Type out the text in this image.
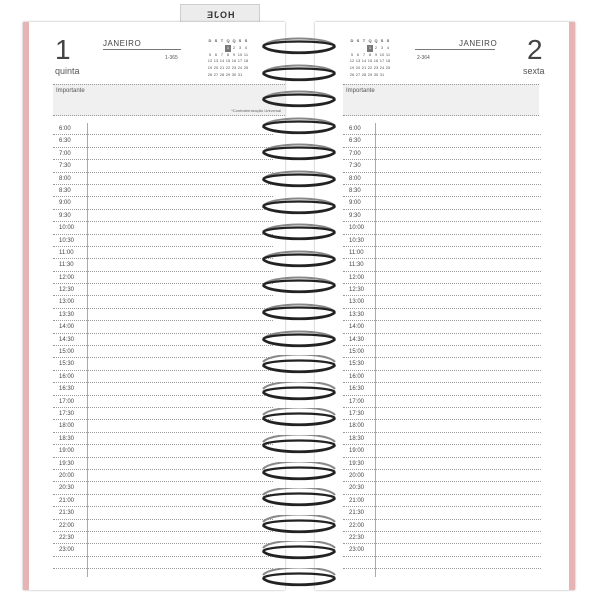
HOJE
1
quinta
JANEIRO
1-365
D S T Q Q S S
1 2 3 4
5 6 7 8 9 10 11
12 13 14 15 16 17 18
19 20 21 22 23 24 25
26 27 28 29 30 31
Importante
*Confraternização Universal
6:00
6:30
7:00
7:30
8:00
8:30
9:00
9:30
10:00
10:30
11:00
11:30
12:00
12:30
13:00
13:30
14:00
14:30
15:00
15:30
16:00
16:30
17:00
17:30
18:00
18:30
19:00
19:30
20:00
20:30
21:00
21:30
22:00
22:30
23:00
D S T Q Q S S
1 2 3 4
5 6 7 8 9 10 11
12 13 14 15 16 17 18
19 20 21 22 23 24 25
26 27 28 29 30 31
JANEIRO
2-364	2
sexta
Importante
6:00
6:30
7:00
7:30
8:00
8:30
9:00
9:30
10:00
10:30
11:00
11:30
12:00
12:30
13:00
13:30
14:00
14:30
15:00
15:30
16:00
16:30
17:00
17:30
18:00
18:30
19:00
19:30
20:00
20:30
21:00
21:30
22:00
22:30
23:00
